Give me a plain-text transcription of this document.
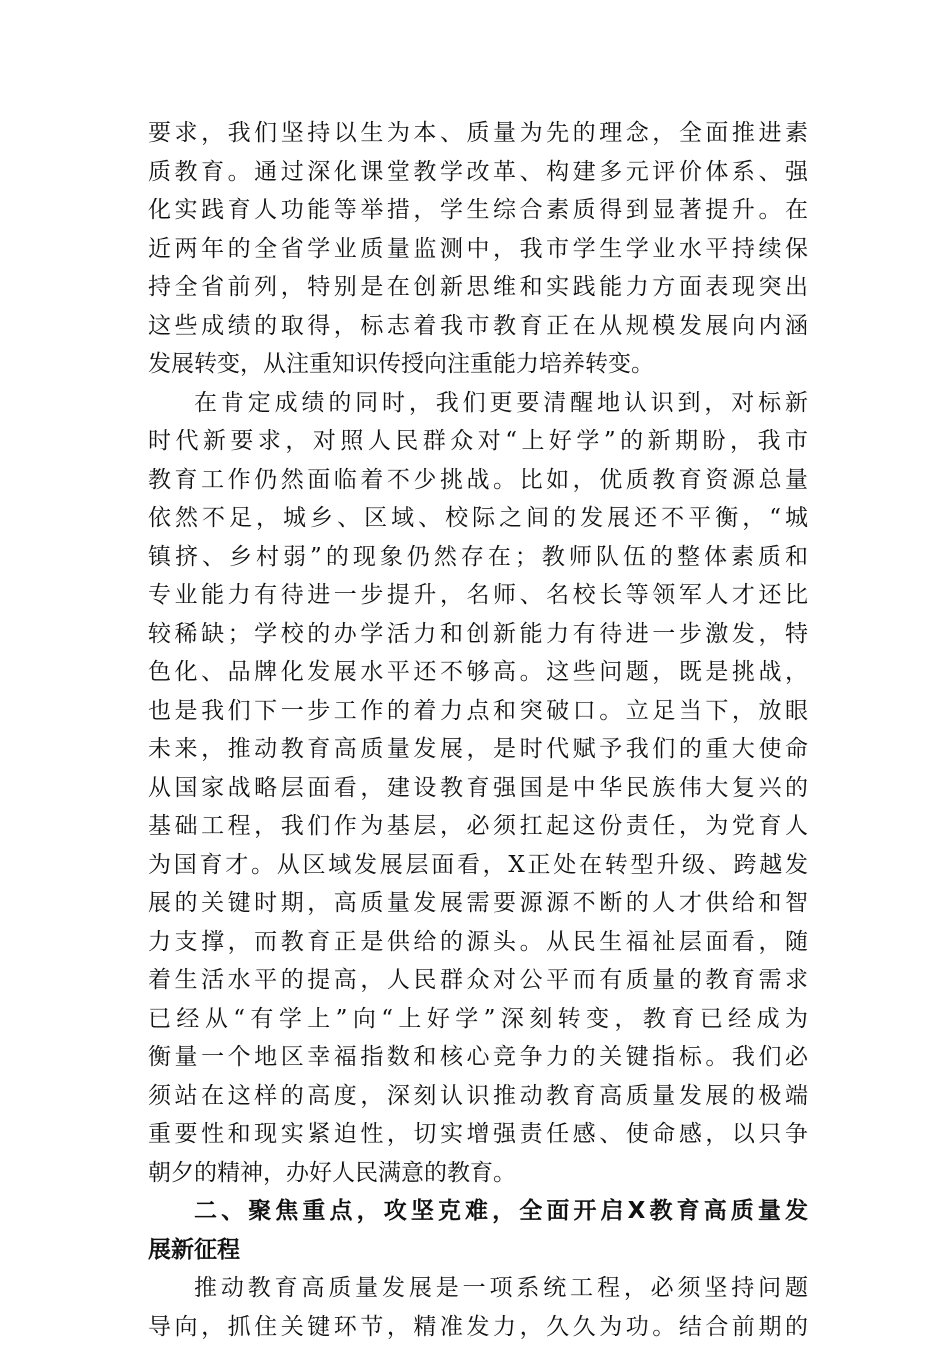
要求，我们坚持以生为本、质量为先的理念，全面推进素
质教育。通过深化课堂教学改革、构建多元评价体系、强
化实践育人功能等举措，学生综合素质得到显著提升。在
近两年的全省学业质量监测中，我市学生学业水平持续保
持全省前列，特别是在创新思维和实践能力方面表现突出
这些成绩的取得，标志着我市教育正在从规模发展向内涵
发展转变，从注重知识传授向注重能力培养转变。
在肯定成绩的同时，我们更要清醒地认识到，对标新
时代新要求，对照人民群众对“上好学”的新期盼，我市
教育工作仍然面临着不少挑战。比如，优质教育资源总量
依然不足，城乡、区域、校际之间的发展还不平衡，“城
镇挤、乡村弱”的现象仍然存在；教师队伍的整体素质和
专业能力有待进一步提升，名师、名校长等领军人才还比
较稀缺；学校的办学活力和创新能力有待进一步激发，特
色化、品牌化发展水平还不够高。这些问题，既是挑战，
也是我们下一步工作的着力点和突破口。立足当下，放眼
未来，推动教育高质量发展，是时代赋予我们的重大使命
从国家战略层面看，建设教育强国是中华民族伟大复兴的
基础工程，我们作为基层，必须扛起这份责任，为党育人
为国育才。从区域发展层面看，X正处在转型升级、跨越发
展的关键时期，高质量发展需要源源不断的人才供给和智
力支撑，而教育正是供给的源头。从民生福祉层面看，随
着生活水平的提高，人民群众对公平而有质量的教育需求
已经从“有学上”向“上好学”深刻转变，教育已经成为
衡量一个地区幸福指数和核心竞争力的关键指标。我们必
须站在这样的高度，深刻认识推动教育高质量发展的极端
重要性和现实紧迫性，切实增强责任感、使命感，以只争
朝夕的精神，办好人民满意的教育。
二、聚焦重点，攻坚克难，全面开启X教育高质量发
展新征程
推动教育高质量发展是一项系统工程，必须坚持问题
导向，抓住关键环节，精准发力，久久为功。结合前期的
